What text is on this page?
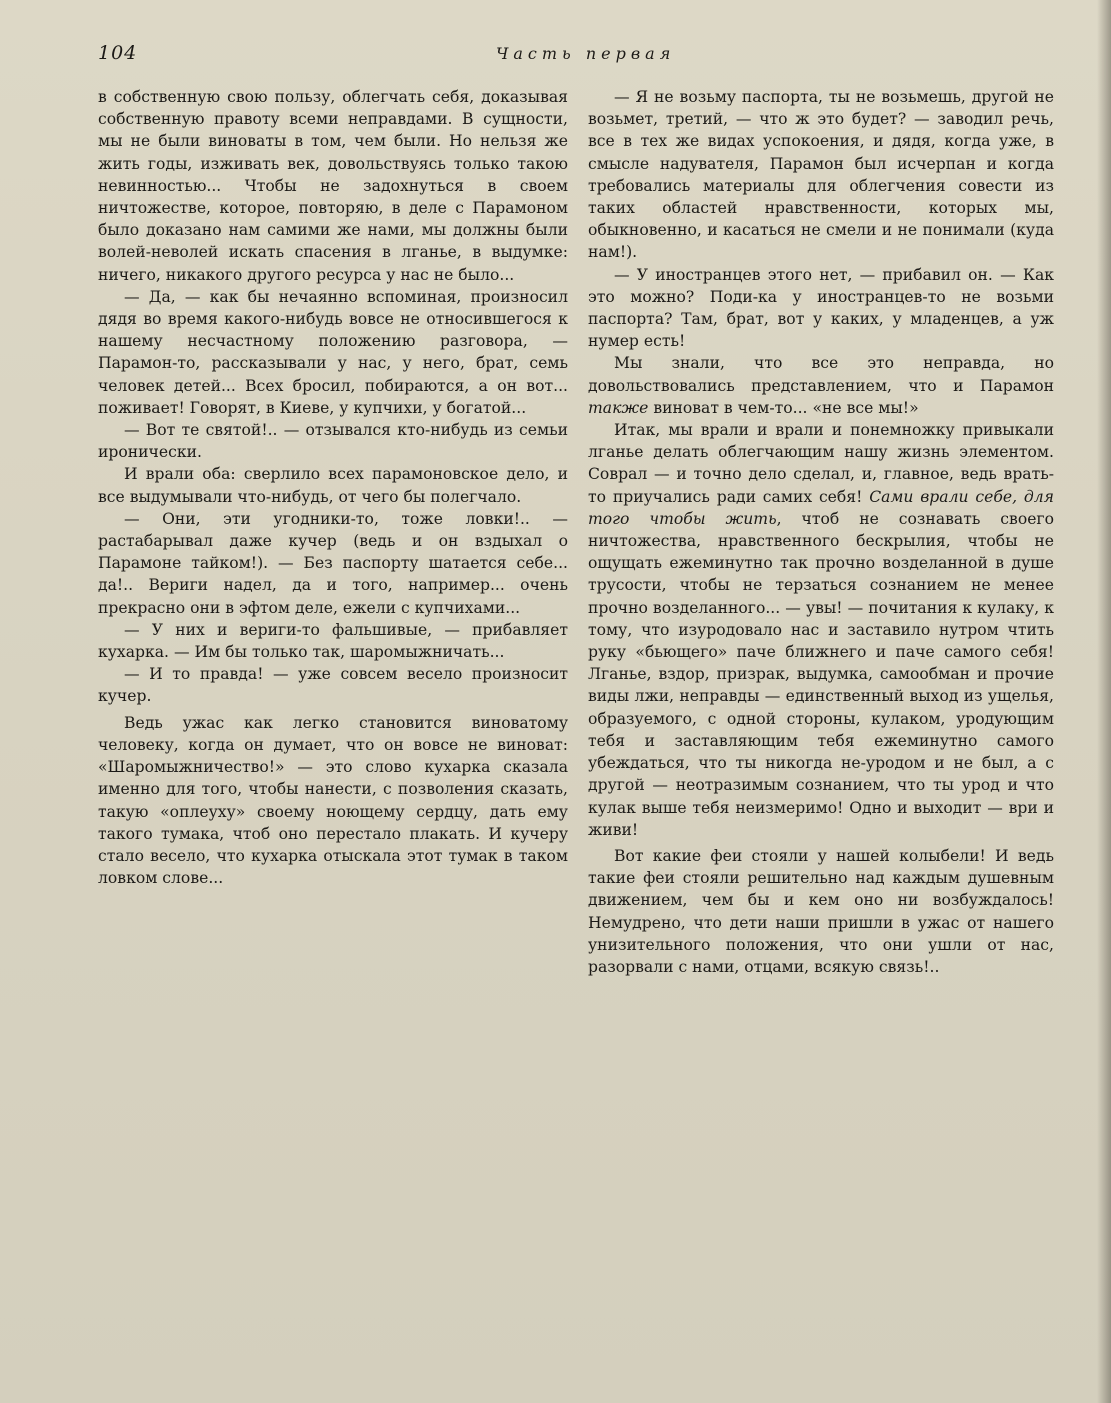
104	Часть первая

в собственную свою пользу, облегчать себя, доказывая собственную правоту всеми неправдами. В сущности, мы не были виноваты в том, чем были. Но нельзя же жить годы, изживать век, довольствуясь только такою невинностью... Чтобы не задохнуться в своем ничтожестве, которое, повторяю, в деле с Парамоном было доказано нам самими же нами, мы должны были волей-неволей искать спасения в лганье, в выдумке: ничего, никакого другого ресурса у нас не было...

— Да, — как бы нечаянно вспоминая, произносил дядя во время какого-нибудь вовсе не относившегося к нашему несчастному положению разговора, — Парамон-то, рассказывали у нас, у него, брат, семь человек детей... Всех бросил, побираются, а он вот... поживает! Говорят, в Киеве, у купчихи, у богатой...

— Вот те святой!.. — отзывался кто-нибудь из семьи иронически.

И врали оба: сверлило всех парамоновское дело, и все выдумывали что-нибудь, от чего бы полегчало.

— Они, эти угодники-то, тоже ловки!.. — растабарывал даже кучер (ведь и он вздыхал о Парамоне тайком!). — Без паспорту шатается себе... да!.. Вериги надел, да и того, например... очень прекрасно они в эфтом деле, ежели с купчихами...

— У них и вериги-то фальшивые, — прибавляет кухарка. — Им бы только так, шаромыжничать...

— И то правда! — уже совсем весело произносит кучер.

Ведь ужас как легко становится виноватому человеку, когда он думает, что он вовсе не виноват: «Шаромыжничество!» — это слово кухарка сказала именно для того, чтобы нанести, с позволения сказать, такую «оплеуху» своему ноющему сердцу, дать ему такого тумака, чтоб оно перестало плакать. И кучеру стало весело, что кухарка отыскала этот тумак в таком ловком слове...

— Я не возьму паспорта, ты не возьмешь, другой не возьмет, третий, — что ж это будет? — заводил речь, все в тех же видах успокоения, и дядя, когда уже, в смысле надувателя, Парамон был исчерпан и когда требовались материалы для облегчения совести из таких областей нравственности, которых мы, обыкновенно, и касаться не смели и не понимали (куда нам!).

— У иностранцев этого нет, — прибавил он. — Как это можно? Поди-ка у иностранцев-то не возьми паспорта? Там, брат, вот у каких, у младенцев, а уж нумер есть!

Мы знали, что все это неправда, но довольствовались представлением, что и Парамон также виноват в чем-то... «не все мы!»

Итак, мы врали и врали и понемножку привыкали лганье делать облегчающим нашу жизнь элементом. Соврал — и точно дело сделал, и, главное, ведь врать-то приучались ради самих себя! Сами врали себе, для того чтобы жить, чтоб не сознавать своего ничтожества, нравственного бескрылия, чтобы не ощущать ежеминутно так прочно возделанной в душе трусости, чтобы не терзаться сознанием не менее прочно возделанного... — увы! — почитания к кулаку, к тому, что изуродовало нас и заставило нутром чтить руку «бьющего» паче ближнего и паче самого себя! Лганье, вздор, призрак, выдумка, самообман и прочие виды лжи, неправды — единственный выход из ущелья, образуемого, с одной стороны, кулаком, уродующим тебя и заставляющим тебя ежеминутно самого убеждаться, что ты никогда не-уродом и не был, а с другой — неотразимым сознанием, что ты урод и что кулак выше тебя неизмеримо! Одно и выходит — ври и живи!

Вот какие феи стояли у нашей колыбели! И ведь такие феи стояли решительно над каждым душевным движением, чем бы и кем оно ни возбуждалось! Немудрено, что дети наши пришли в ужас от нашего унизительного положения, что они ушли от нас, разорвали с нами, отцами, всякую связь!..
